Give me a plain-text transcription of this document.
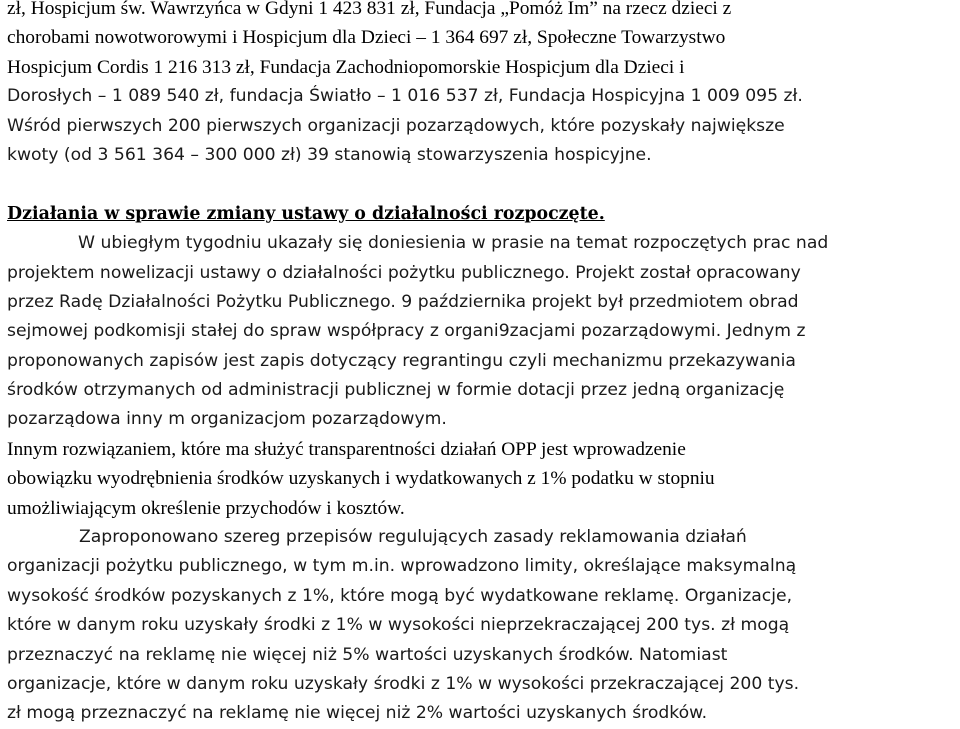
zł, Hospicjum św. Wawrzyńca w Gdyni 1 423 831 zł, Fundacja „Pomóż Im” na rzecz dzieci z
chorobami nowotworowymi i Hospicjum dla Dzieci – 1 364 697 zł, Społeczne Towarzystwo
Hospicjum Cordis 1 216 313 zł, Fundacja Zachodniopomorskie Hospicjum dla Dzieci i
Dorosłych – 1 089 540 zł, fundacja Światło – 1 016 537 zł, Fundacja Hospicyjna 1 009 095 zł.
Wśród pierwszych 200 pierwszych organizacji pozarządowych, które pozyskały największe
kwoty (od 3 561 364 – 300 000 zł) 39 stanowią stowarzyszenia hospicyjne.
Działania w sprawie zmiany ustawy o działalności rozpoczęte.
W ubiegłym tygodniu ukazały się doniesienia w prasie na temat rozpoczętych prac nad
projektem nowelizacji ustawy o działalności pożytku publicznego. Projekt został opracowany
przez Radę Działalności Pożytku Publicznego. 9 października projekt był przedmiotem obrad
sejmowej podkomisji stałej do spraw współpracy z organi9zacjami pozarządowymi. Jednym z
proponowanych zapisów jest zapis dotyczący regrantingu czyli mechanizmu przekazywania
środków otrzymanych od administracji publicznej w formie dotacji przez jedną organizację
pozarządowa inny m organizacjom pozarządowym.
Innym rozwiązaniem, które ma służyć transparentności działań OPP jest wprowadzenie
obowiązku wyodrębnienia środków uzyskanych i wydatkowanych z 1% podatku w stopniu
umożliwiającym określenie przychodów i kosztów.
Zaproponowano szereg przepisów regulujących zasady reklamowania działań
organizacji pożytku publicznego, w tym m.in. wprowadzono limity, określające maksymalną
wysokość środków pozyskanych z 1%, które mogą być wydatkowane reklamę. Organizacje,
które w danym roku uzyskały środki z 1% w wysokości nieprzekraczającej 200 tys. zł mogą
przeznaczyć na reklamę nie więcej niż 5% wartości uzyskanych środków. Natomiast
organizacje, które w danym roku uzyskały środki z 1% w wysokości przekraczającej 200 tys.
zł mogą przeznaczyć na reklamę nie więcej niż 2% wartości uzyskanych środków.
